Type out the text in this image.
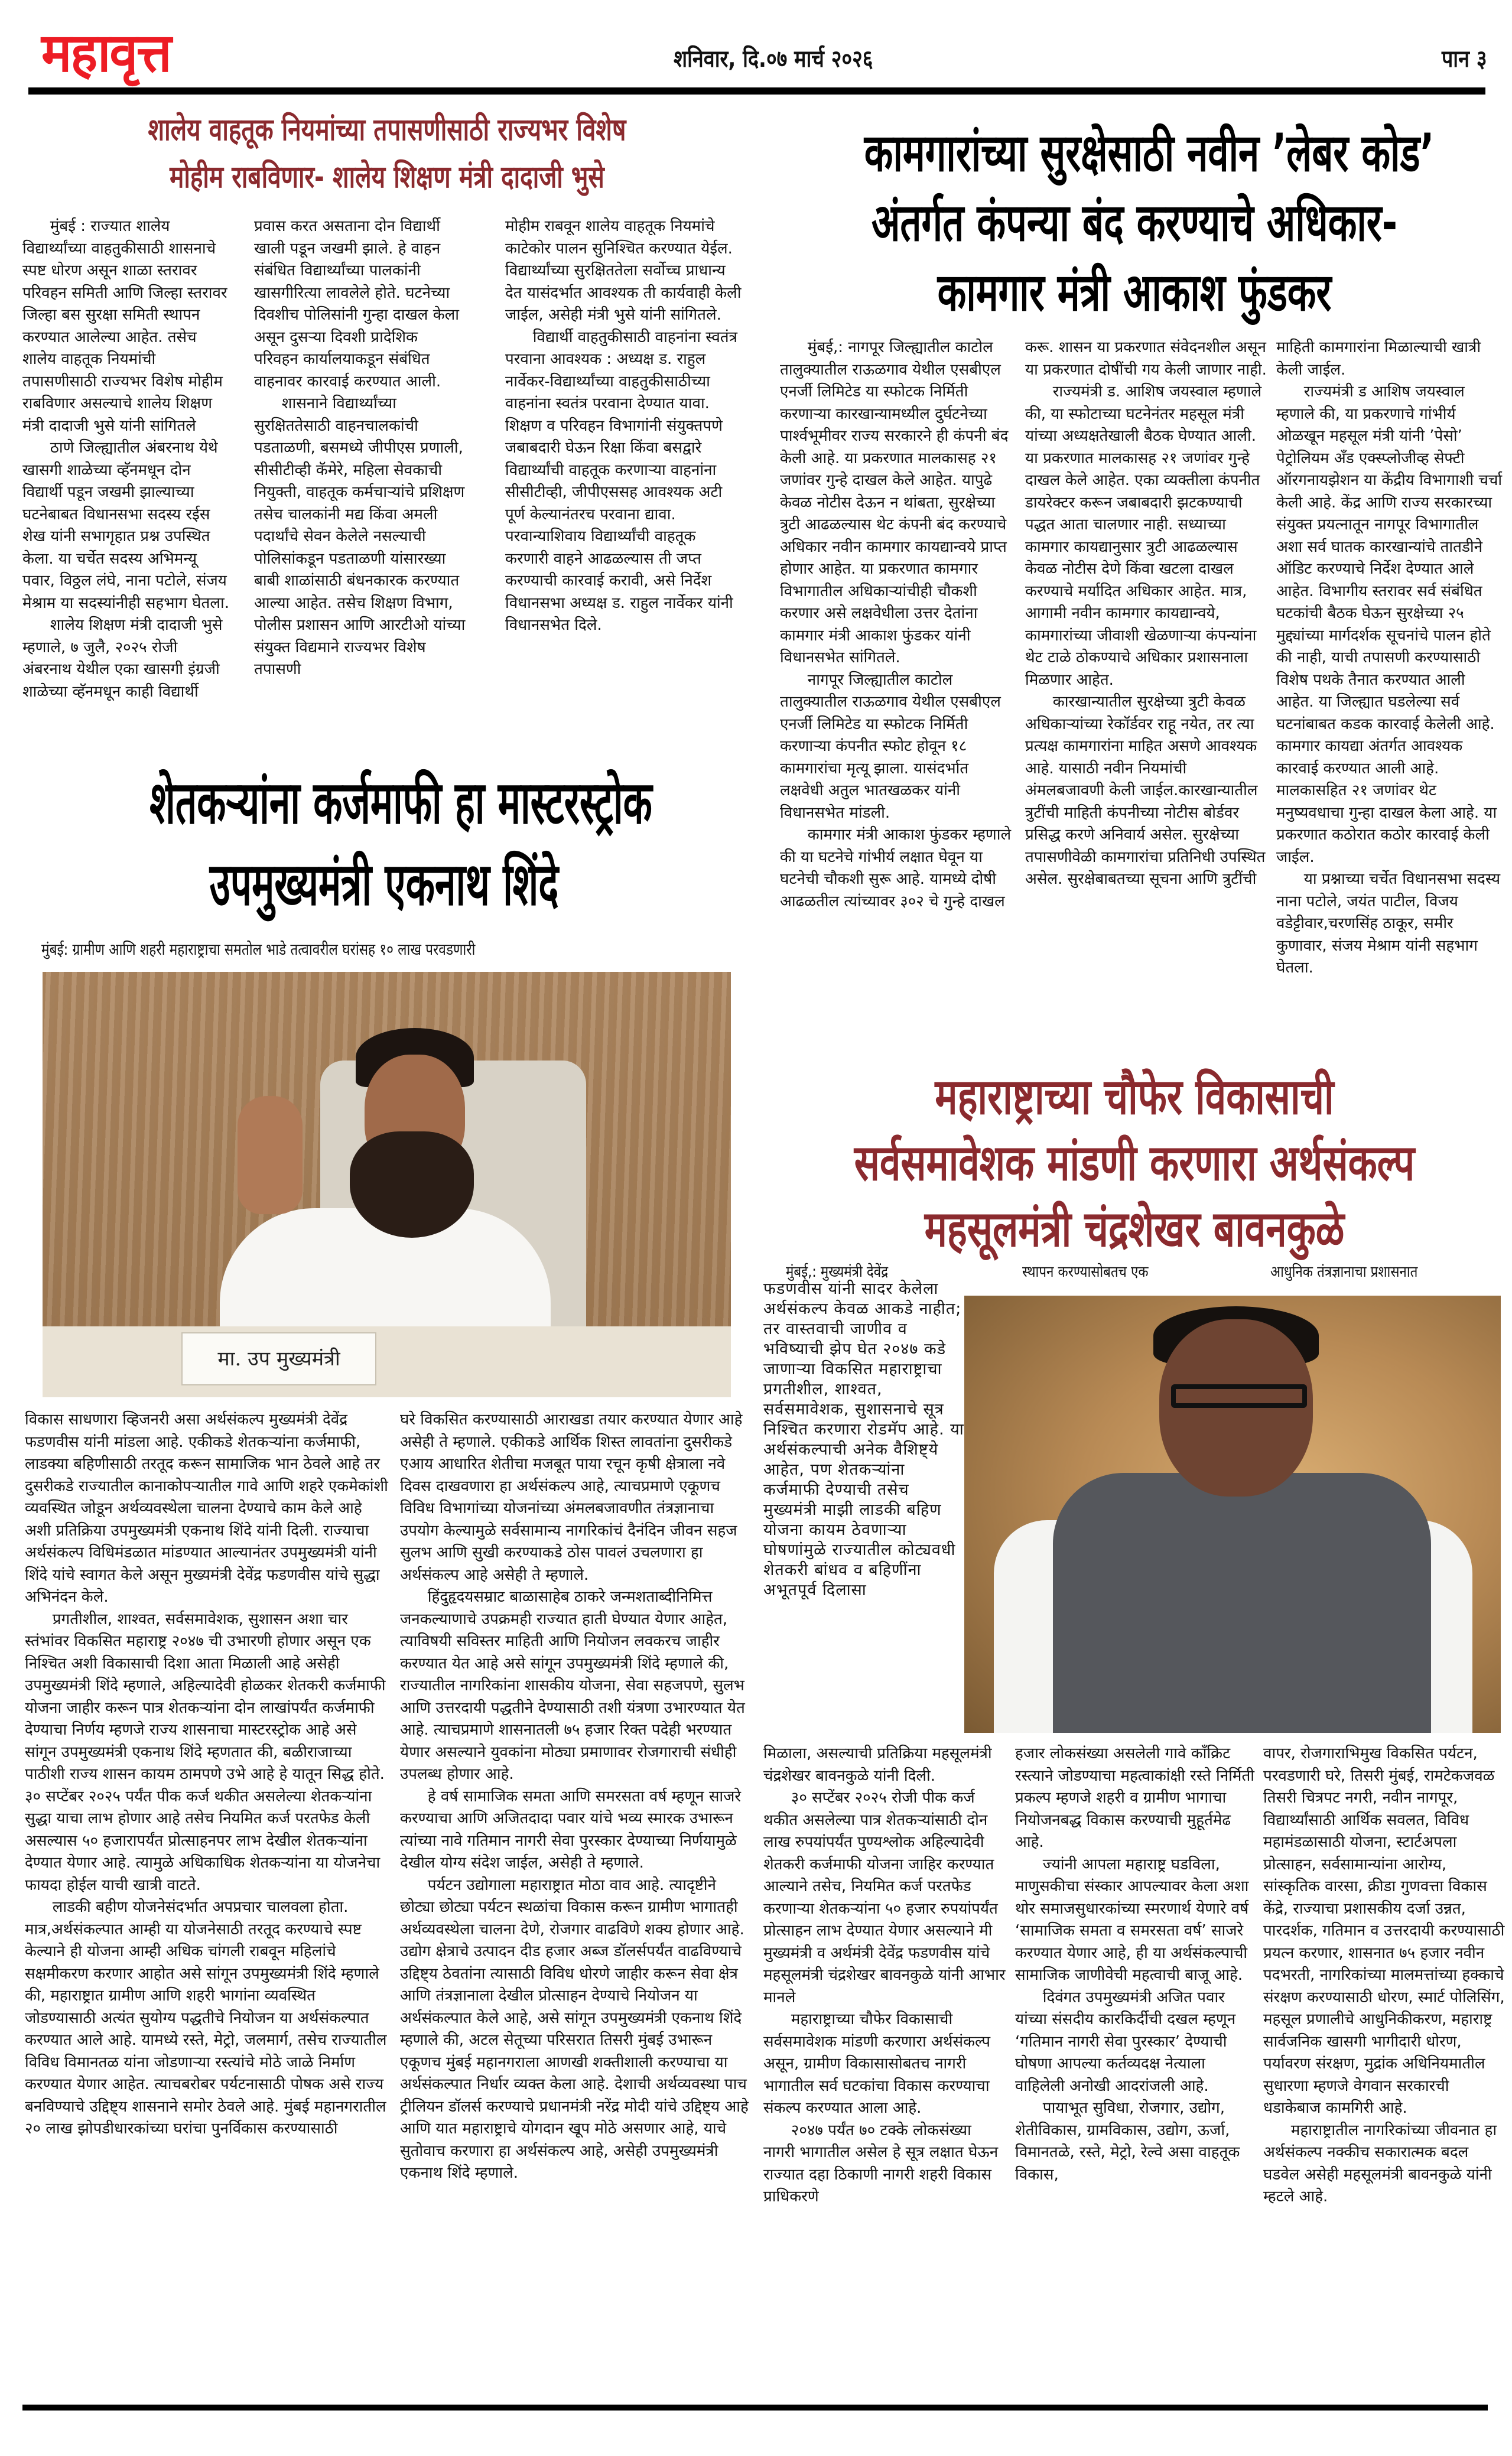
महावृत्त	शनिवार, दि.०७ मार्च २०२६	पान ३
शालेय वाहतूक नियमांच्या तपासणीसाठी राज्यभर विशेष
मोहीम राबविणार- शालेय शिक्षण मंत्री दादाजी भुसे

मुंबई : राज्यात शालेय विद्यार्थ्यांच्या वाहतुकीसाठी शासनाचे स्पष्ट धोरण असून शाळा स्तरावर परिवहन समिती आणि जिल्हा स्तरावर जिल्हा बस सुरक्षा समिती स्थापन करण्यात आलेल्या आहेत. तसेच शालेय वाहतूक नियमांची तपासणीसाठी राज्यभर विशेष मोहीम राबविणार असल्याचे शालेय शिक्षण मंत्री दादाजी भुसे यांनी सांगितले

ठाणे जिल्ह्यातील अंबरनाथ येथे खासगी शाळेच्या व्हॅनमधून दोन विद्यार्थी पडून जखमी झाल्याच्या घटनेबाबत विधानसभा सदस्य रईस शेख यांनी सभागृहात प्रश्न उपस्थित केला. या चर्चेत सदस्य अभिमन्यू पवार, विठ्ठल लंघे, नाना पटोले, संजय मेश्राम या सदस्यांनीही सहभाग घेतला.

शालेय शिक्षण मंत्री दादाजी भुसे म्हणाले, ७ जुलै, २०२५ रोजी अंबरनाथ येथील एका खासगी इंग्रजी शाळेच्या व्हॅनमधून काही विद्यार्थी

प्रवास करत असताना दोन विद्यार्थी खाली पडून जखमी झाले. हे वाहन संबंधित विद्यार्थ्यांच्या पालकांनी खासगीरित्या लावलेले होते. घटनेच्या दिवशीच पोलिसांनी गुन्हा दाखल केला असून दुसऱ्या दिवशी प्रादेशिक परिवहन कार्यालयाकडून संबंधित वाहनावर कारवाई करण्यात आली.

शासनाने विद्यार्थ्यांच्या सुरक्षिततेसाठी वाहनचालकांची पडताळणी, बसमध्ये जीपीएस प्रणाली, सीसीटीव्ही कॅमेरे, महिला सेवकाची नियुक्ती, वाहतूक कर्मचाऱ्यांचे प्रशिक्षण तसेच चालकांनी मद्य किंवा अमली पदार्थांचे सेवन केलेले नसल्याची पोलिसांकडून पडताळणी यांसारख्या बाबी शाळांसाठी बंधनकारक करण्यात आल्या आहेत. तसेच शिक्षण विभाग, पोलीस प्रशासन आणि आरटीओ यांच्या संयुक्त विद्यमाने राज्यभर विशेष तपासणी

मोहीम राबवून शालेय वाहतूक नियमांचे काटेकोर पालन सुनिश्चित करण्यात येईल. विद्यार्थ्यांच्या सुरक्षिततेला सर्वोच्च प्राधान्य देत यासंदर्भात आवश्यक ती कार्यवाही केली जाईल, असेही मंत्री भुसे यांनी सांगितले.

विद्यार्थी वाहतुकीसाठी वाहनांना स्वतंत्र परवाना आवश्यक : अध्यक्ष ड. राहुल नार्वेकर-विद्यार्थ्यांच्या वाहतुकीसाठीच्या वाहनांना स्वतंत्र परवाना देण्यात यावा. शिक्षण व परिवहन विभागांनी संयुक्तपणे जबाबदारी घेऊन रिक्षा किंवा बसद्वारे विद्यार्थ्यांची वाहतूक करणाऱ्या वाहनांना सीसीटीव्ही, जीपीएससह आवश्यक अटी पूर्ण केल्यानंतरच परवाना द्यावा. परवान्याशिवाय विद्यार्थ्यांची वाहतूक करणारी वाहने आढळल्यास ती जप्त करण्याची कारवाई करावी, असे निर्देश विधानसभा अध्यक्ष ड. राहुल नार्वेकर यांनी विधानसभेत दिले.

कामगारांच्या सुरक्षेसाठी नवीन ’लेबर कोड’
अंतर्गत कंपन्या बंद करण्याचे अधिकार-
कामगार मंत्री आकाश फुंडकर

मुंबई,: नागपूर जिल्ह्यातील काटोल तालुक्यातील राऊळगाव येथील एसबीएल एनर्जी लिमिटेड या स्फोटक निर्मिती करणाऱ्या कारखान्यामध्यील दुर्घटनेच्या पार्श्वभूमीवर राज्य सरकारने ही कंपनी बंद केली आहे. या प्रकरणात मालकासह २१ जणांवर गुन्हे दाखल केले आहेत. यापुढे केवळ नोटीस देऊन न थांबता, सुरक्षेच्या त्रुटी आढळल्यास थेट कंपनी बंद करण्याचे अधिकार नवीन कामगार कायद्यान्वये प्राप्त होणार आहेत. या प्रकरणात कामगार विभागातील अधिकाऱ्यांचीही चौकशी करणार असे लक्षवेधीला उत्तर देतांना कामगार मंत्री आकाश फुंडकर यांनी विधानसभेत सांगितले.

नागपूर जिल्ह्यातील काटोल तालुक्यातील राऊळगाव येथील एसबीएल एनर्जी लिमिटेड या स्फोटक निर्मिती करणाऱ्या कंपनीत स्फोट होवून १८ कामगारांचा मृत्यू झाला. यासंदर्भात लक्षवेधी अतुल भातखळकर यांनी विधानसभेत मांडली.

कामगार मंत्री आकाश फुंडकर म्हणाले की या घटनेचे गांभीर्य लक्षात घेवून या घटनेची चौकशी सुरू आहे. यामध्ये दोषी आढळतील त्यांच्यावर ३०२ चे गुन्हे दाखल

करू. शासन या प्रकरणात संवेदनशील असून या प्रकरणात दोषींची गय केली जाणार नाही.

राज्यमंत्री ड. आशिष जयस्वाल म्हणाले की, या स्फोटाच्या घटनेनंतर महसूल मंत्री यांच्या अध्यक्षतेखाली बैठक घेण्यात आली. या प्रकरणात मालकासह २१ जणांवर गुन्हे दाखल केले आहेत. एका व्यक्तीला कंपनीत डायरेक्टर करून जबाबदारी झटकण्याची पद्धत आता चालणार नाही. सध्याच्या कामगार कायद्यानुसार त्रुटी आढळल्यास केवळ नोटीस देणे किंवा खटला दाखल करण्याचे मर्यादित अधिकार आहेत. मात्र, आगामी नवीन कामगार कायद्यान्वये, कामगारांच्या जीवाशी खेळणाऱ्या कंपन्यांना थेट टाळे ठोकण्याचे अधिकार प्रशासनाला मिळणार आहेत.

कारखान्यातील सुरक्षेच्या त्रुटी केवळ अधिकाऱ्यांच्या रेकॉर्डवर राहू नयेत, तर त्या प्रत्यक्ष कामगारांना माहित असणे आवश्यक आहे. यासाठी नवीन नियमांची अंमलबजावणी केली जाईल.कारखान्यातील त्रुटींची माहिती कंपनीच्या नोटीस बोर्डवर प्रसिद्ध करणे अनिवार्य असेल. सुरक्षेच्या तपासणीवेळी कामगारांचा प्रतिनिधी उपस्थित असेल. सुरक्षेबाबतच्या सूचना आणि त्रुटींची

माहिती कामगारांना मिळाल्याची खात्री केली जाईल.

राज्यमंत्री ड आशिष जयस्वाल म्हणाले की, या प्रकरणाचे गांभीर्य ओळखून महसूल मंत्री यांनी ’पेसो’ पेट्रोलियम अँड एक्स्प्लोजीव्ह सेफ्टी ऑरगनायझेशन या केंद्रीय विभागाशी चर्चा केली आहे. केंद्र आणि राज्य सरकारच्या संयुक्त प्रयत्नातून नागपूर विभागातील अशा सर्व घातक कारखान्यांचे तातडीने ऑडिट करण्याचे निर्देश देण्यात आले आहेत. विभागीय स्तरावर सर्व संबंधित घटकांची बैठक घेऊन सुरक्षेच्या २५ मुद्द्यांच्या मार्गदर्शक सूचनांचे पालन होते की नाही, याची तपासणी करण्यासाठी विशेष पथके तैनात करण्यात आली आहेत. या जिल्ह्यात घडलेल्या सर्व घटनांबाबत कडक कारवाई केलेली आहे. कामगार कायद्या अंतर्गत आवश्यक कारवाई करण्यात आली आहे. मालकासहित २१ जणांवर थेट मनुष्यवधाचा गुन्हा दाखल केला आहे. या प्रकरणात कठोरात कठोर कारवाई केली जाईल.

या प्रश्नाच्या चर्चेत विधानसभा सदस्य नाना पटोले, जयंत पाटील, विजय वडेट्टीवार,चरणसिंह ठाकूर, समीर कुणावार, संजय मेश्राम यांनी सहभाग घेतला.

शेतकऱ्यांना कर्जमाफी हा मास्टरस्ट्रोक
उपमुख्यमंत्री एकनाथ शिंदे
मुंबई: ग्रामीण आणि शहरी महाराष्ट्राचा समतोल भाडे तत्वावरील घरांसह १० लाख परवडणारी
मा. उप मुख्यमंत्री

विकास साधणारा व्हिजनरी असा अर्थसंकल्प मुख्यमंत्री देवेंद्र फडणवीस यांनी मांडला आहे. एकीकडे शेतकऱ्यांना कर्जमाफी, लाडक्या बहिणीसाठी तरतूद करून सामाजिक भान ठेवले आहे तर दुसरीकडे राज्यातील कानाकोपऱ्यातील गावे आणि शहरे एकमेकांशी व्यवस्थित जोडून अर्थव्यवस्थेला चालना देण्याचे काम केले आहे अशी प्रतिक्रिया उपमुख्यमंत्री एकनाथ शिंदे यांनी दिली. राज्याचा अर्थसंकल्प विधिमंडळात मांडण्यात आल्यानंतर उपमुख्यमंत्री यांनी शिंदे यांचे स्वागत केले असून मुख्यमंत्री देवेंद्र फडणवीस यांचे सुद्धा अभिनंदन केले.

प्रगतीशील, शाश्वत, सर्वसमावेशक, सुशासन अशा चार स्तंभांवर विकसित महाराष्ट्र २०४७ ची उभारणी होणार असून एक निश्चित अशी विकासाची दिशा आता मिळाली आहे असेही उपमुख्यमंत्री शिंदे म्हणाले, अहिल्यादेवी होळकर शेतकरी कर्जमाफी योजना जाहीर करून पात्र शेतकऱ्यांना दोन लाखांपर्यंत कर्जमाफी देण्याचा निर्णय म्हणजे राज्य शासनाचा मास्टरस्ट्रोक आहे असे सांगून उपमुख्यमंत्री एकनाथ शिंदे म्हणतात की, बळीराजाच्या पाठीशी राज्य शासन कायम ठामपणे उभे आहे हे यातून सिद्ध होते. ३० सप्टेंबर २०२५ पर्यंत पीक कर्ज थकीत असलेल्या शेतकऱ्यांना सुद्धा याचा लाभ होणार आहे तसेच नियमित कर्ज परतफेड केली असल्यास ५० हजारापर्यंत प्रोत्साहनपर लाभ देखील शेतकऱ्यांना देण्यात येणार आहे. त्यामुळे अधिकाधिक शेतकऱ्यांना या योजनेचा फायदा होईल याची खात्री वाटते.

लाडकी बहीण योजनेसंदर्भात अपप्रचार चालवला होता. मात्र,अर्थसंकल्पात आम्ही या योजनेसाठी तरतूद करण्याचे स्पष्ट केल्याने ही योजना आम्ही अधिक चांगली राबवून महिलांचे सक्षमीकरण करणार आहोत असे सांगून उपमुख्यमंत्री शिंदे म्हणाले की, महाराष्ट्रात ग्रामीण आणि शहरी भागांना व्यवस्थित जोडण्यासाठी अत्यंत सुयोग्य पद्धतीचे नियोजन या अर्थसंकल्पात करण्यात आले आहे. यामध्ये रस्ते, मेट्रो, जलमार्ग, तसेच राज्यातील विविध विमानतळ यांना जोडणाऱ्या रस्त्यांचे मोठे जाळे निर्माण करण्यात येणार आहेत. त्याचबरोबर पर्यटनासाठी पोषक असे राज्य बनविण्याचे उद्दिष्ट्य शासनाने समोर ठेवले आहे. मुंबई महानगरातील २० लाख झोपडीधारकांच्या घरांचा पुनर्विकास करण्यासाठी

घरे विकसित करण्यासाठी आराखडा तयार करण्यात येणार आहे असेही ते म्हणाले. एकीकडे आर्थिक शिस्त लावतांना दुसरीकडे एआय आधारित शेतीचा मजबूत पाया रचून कृषी क्षेत्राला नवे दिवस दाखवणारा हा अर्थसंकल्प आहे, त्याचप्रमाणे एकूणच विविध विभागांच्या योजनांच्या अंमलबजावणीत तंत्रज्ञानाचा उपयोग केल्यामुळे सर्वसामान्य नागरिकांचं दैनंदिन जीवन सहज सुलभ आणि सुखी करण्याकडे ठोस पावलं उचलणारा हा अर्थसंकल्प आहे असेही ते म्हणाले.

हिंदुहृदयसम्राट बाळासाहेब ठाकरे जन्मशताब्दीनिमित्त जनकल्याणाचे उपक्रमही राज्यात हाती घेण्यात येणार आहेत, त्याविषयी सविस्तर माहिती आणि नियोजन लवकरच जाहीर करण्यात येत आहे असे सांगून उपमुख्यमंत्री शिंदे म्हणाले की, राज्यातील नागरिकांना शासकीय योजना, सेवा सहजपणे, सुलभ आणि उत्तरदायी पद्धतीने देण्यासाठी तशी यंत्रणा उभारण्यात येत आहे. त्याचप्रमाणे शासनातली ७५ हजार रिक्त पदेही भरण्यात येणार असल्याने युवकांना मोठ्या प्रमाणावर रोजगाराची संधीही उपलब्ध होणार आहे.

हे वर्ष सामाजिक समता आणि समरसता वर्ष म्हणून साजरे करण्याचा आणि अजितदादा पवार यांचे भव्य स्मारक उभारून त्यांच्या नावे गतिमान नागरी सेवा पुरस्कार देण्याच्या निर्णयामुळे देखील योग्य संदेश जाईल, असेही ते म्हणाले.

पर्यटन उद्योगाला महाराष्ट्रात मोठा वाव आहे. त्यादृष्टीने छोट्या छोट्या पर्यटन स्थळांचा विकास करून ग्रामीण भागातही अर्थव्यवस्थेला चालना देणे, रोजगार वाढविणे शक्य होणार आहे. उद्योग क्षेत्राचे उत्पादन दीड हजार अब्ज डॉलर्सपर्यंत वाढविण्याचे उद्दिष्ट्य ठेवतांना त्यासाठी विविध धोरणे जाहीर करून सेवा क्षेत्र आणि तंत्रज्ञानाला देखील प्रोत्साहन देण्याचे नियोजन या अर्थसंकल्पात केले आहे, असे सांगून उपमुख्यमंत्री एकनाथ शिंदे म्हणाले की, अटल सेतूच्या परिसरात तिसरी मुंबई उभारून एकूणच मुंबई महानगराला आणखी शक्तीशाली करण्याचा या अर्थसंकल्पात निर्धार व्यक्त केला आहे. देशाची अर्थव्यवस्था पाच ट्रीलियन डॉलर्स करण्याचे प्रधानमंत्री नरेंद्र मोदी यांचे उद्दिष्ट्य आहे आणि यात महाराष्ट्राचे योगदान खूप मोठे असणार आहे, याचे सुतोवाच करणारा हा अर्थसंकल्प आहे, असेही उपमुख्यमंत्री एकनाथ शिंदे म्हणाले.

महाराष्ट्राच्या चौफेर विकासाची
सर्वसमावेशक मांडणी करणारा अर्थसंकल्प
महसूलमंत्री चंद्रशेखर बावनकुळे
मुंबई,: मुख्यमंत्री देवेंद्र	स्थापन करण्यासोबतच एक	आधुनिक तंत्रज्ञानाचा प्रशासनात

फडणवीस यांनी सादर केलेला अर्थसंकल्प केवळ आकडे नाहीत; तर वास्तवाची जाणीव व भविष्याची झेप घेत २०४७ कडे जाणाऱ्या विकसित महाराष्ट्राचा प्रगतीशील, शाश्वत, सर्वसमावेशक, सुशासनाचे सूत्र निश्चित करणारा रोडमॅप आहे. या अर्थसंकल्पाची अनेक वैशिष्ट्ये आहेत, पण शेतकऱ्यांना कर्जमाफी देण्याची तसेच मुख्यमंत्री माझी लाडकी बहिण योजना कायम ठेवणाऱ्या घोषणांमुळे राज्यातील कोट्यवधी शेतकरी बांधव व बहिणींना अभूतपूर्व दिलासा

मिळाला, असल्याची प्रतिक्रिया महसूलमंत्री चंद्रशेखर बावनकुळे यांनी दिली.

३० सप्टेंबर २०२५ रोजी पीक कर्ज थकीत असलेल्या पात्र शेतकऱ्यांसाठी दोन लाख रुपयांपर्यंत पुण्यश्लोक अहिल्यादेवी शेतकरी कर्जमाफी योजना जाहिर करण्यात आल्याने तसेच, नियमित कर्ज परतफेड करणाऱ्या शेतकऱ्यांना ५० हजार रुपयांपर्यंत प्रोत्साहन लाभ देण्यात येणार असल्याने मी मुख्यमंत्री व अर्थमंत्री देवेंद्र फडणवीस यांचे महसूलमंत्री चंद्रशेखर बावनकुळे यांनी आभार मानले

महाराष्ट्राच्या चौफेर विकासाची सर्वसमावेशक मांडणी करणारा अर्थसंकल्प असून, ग्रामीण विकासासोबतच नागरी भागातील सर्व घटकांचा विकास करण्याचा संकल्प करण्यात आला आहे.

२०४७ पर्यंत ७० टक्के लोकसंख्या नागरी भागातील असेल हे सूत्र लक्षात घेऊन राज्यात दहा ठिकाणी नागरी शहरी विकास प्राधिकरणे

हजार लोकसंख्या असलेली गावे काँक्रिट रस्त्याने जोडण्याचा महत्वाकांक्षी रस्ते निर्मिती प्रकल्प म्हणजे शहरी व ग्रामीण भागाचा नियोजनबद्ध विकास करण्याची मुहूर्तमेढ आहे.

ज्यांनी आपला महाराष्ट्र घडविला, माणुसकीचा संस्कार आपल्यावर केला अशा थोर समाजसुधारकांच्या स्मरणार्थ येणारे वर्ष ‘सामाजिक समता व समरसता वर्ष’ साजरे करण्यात येणार आहे, ही या अर्थसंकल्पाची सामाजिक जाणीवेची महत्वाची बाजू आहे.

दिवंगत उपमुख्यमंत्री अजित पवार यांच्या संसदीय कारकिर्दीची दखल म्हणून ‘गतिमान नागरी सेवा पुरस्कार’ देण्याची घोषणा आपल्या कर्तव्यदक्ष नेत्याला वाहिलेली अनोखी आदरांजली आहे.

पायाभूत सुविधा, रोजगार, उद्योग, शेतीविकास, ग्रामविकास, उद्योग, ऊर्जा, विमानतळे, रस्ते, मेट्रो, रेल्वे असा वाहतूक विकास,

वापर, रोजगाराभिमुख विकसित पर्यटन, परवडणारी घरे, तिसरी मुंबई, रामटेकजवळ तिसरी चित्रपट नगरी, नवीन नागपूर, विद्यार्थ्यांसाठी आर्थिक सवलत, विविध महामंडळासाठी योजना, स्टार्टअपला प्रोत्साहन, सर्वसामान्यांना आरोग्य, सांस्कृतिक वारसा, क्रीडा गुणवत्ता विकास केंद्रे, राज्याचा प्रशासकीय दर्जा उन्नत, पारदर्शक, गतिमान व उत्तरदायी करण्यासाठी प्रयत्न करणार, शासनात ७५ हजार नवीन पदभरती, नागरिकांच्या मालमत्तांच्या हक्काचे संरक्षण करण्यासाठी धोरण, स्मार्ट पोलिसिंग, महसूल प्रणालीचे आधुनिकीकरण, महाराष्ट्र सार्वजनिक खासगी भागीदारी धोरण, पर्यावरण संरक्षण, मुद्रांक अधिनियमातील सुधारणा म्हणजे वेगवान सरकारची धडाकेबाज कामगिरी आहे.

महाराष्ट्रातील नागरिकांच्या जीवनात हा अर्थसंकल्प नक्कीच सकारात्मक बदल घडवेल असेही महसूलमंत्री बावनकुळे यांनी म्हटले आहे.
